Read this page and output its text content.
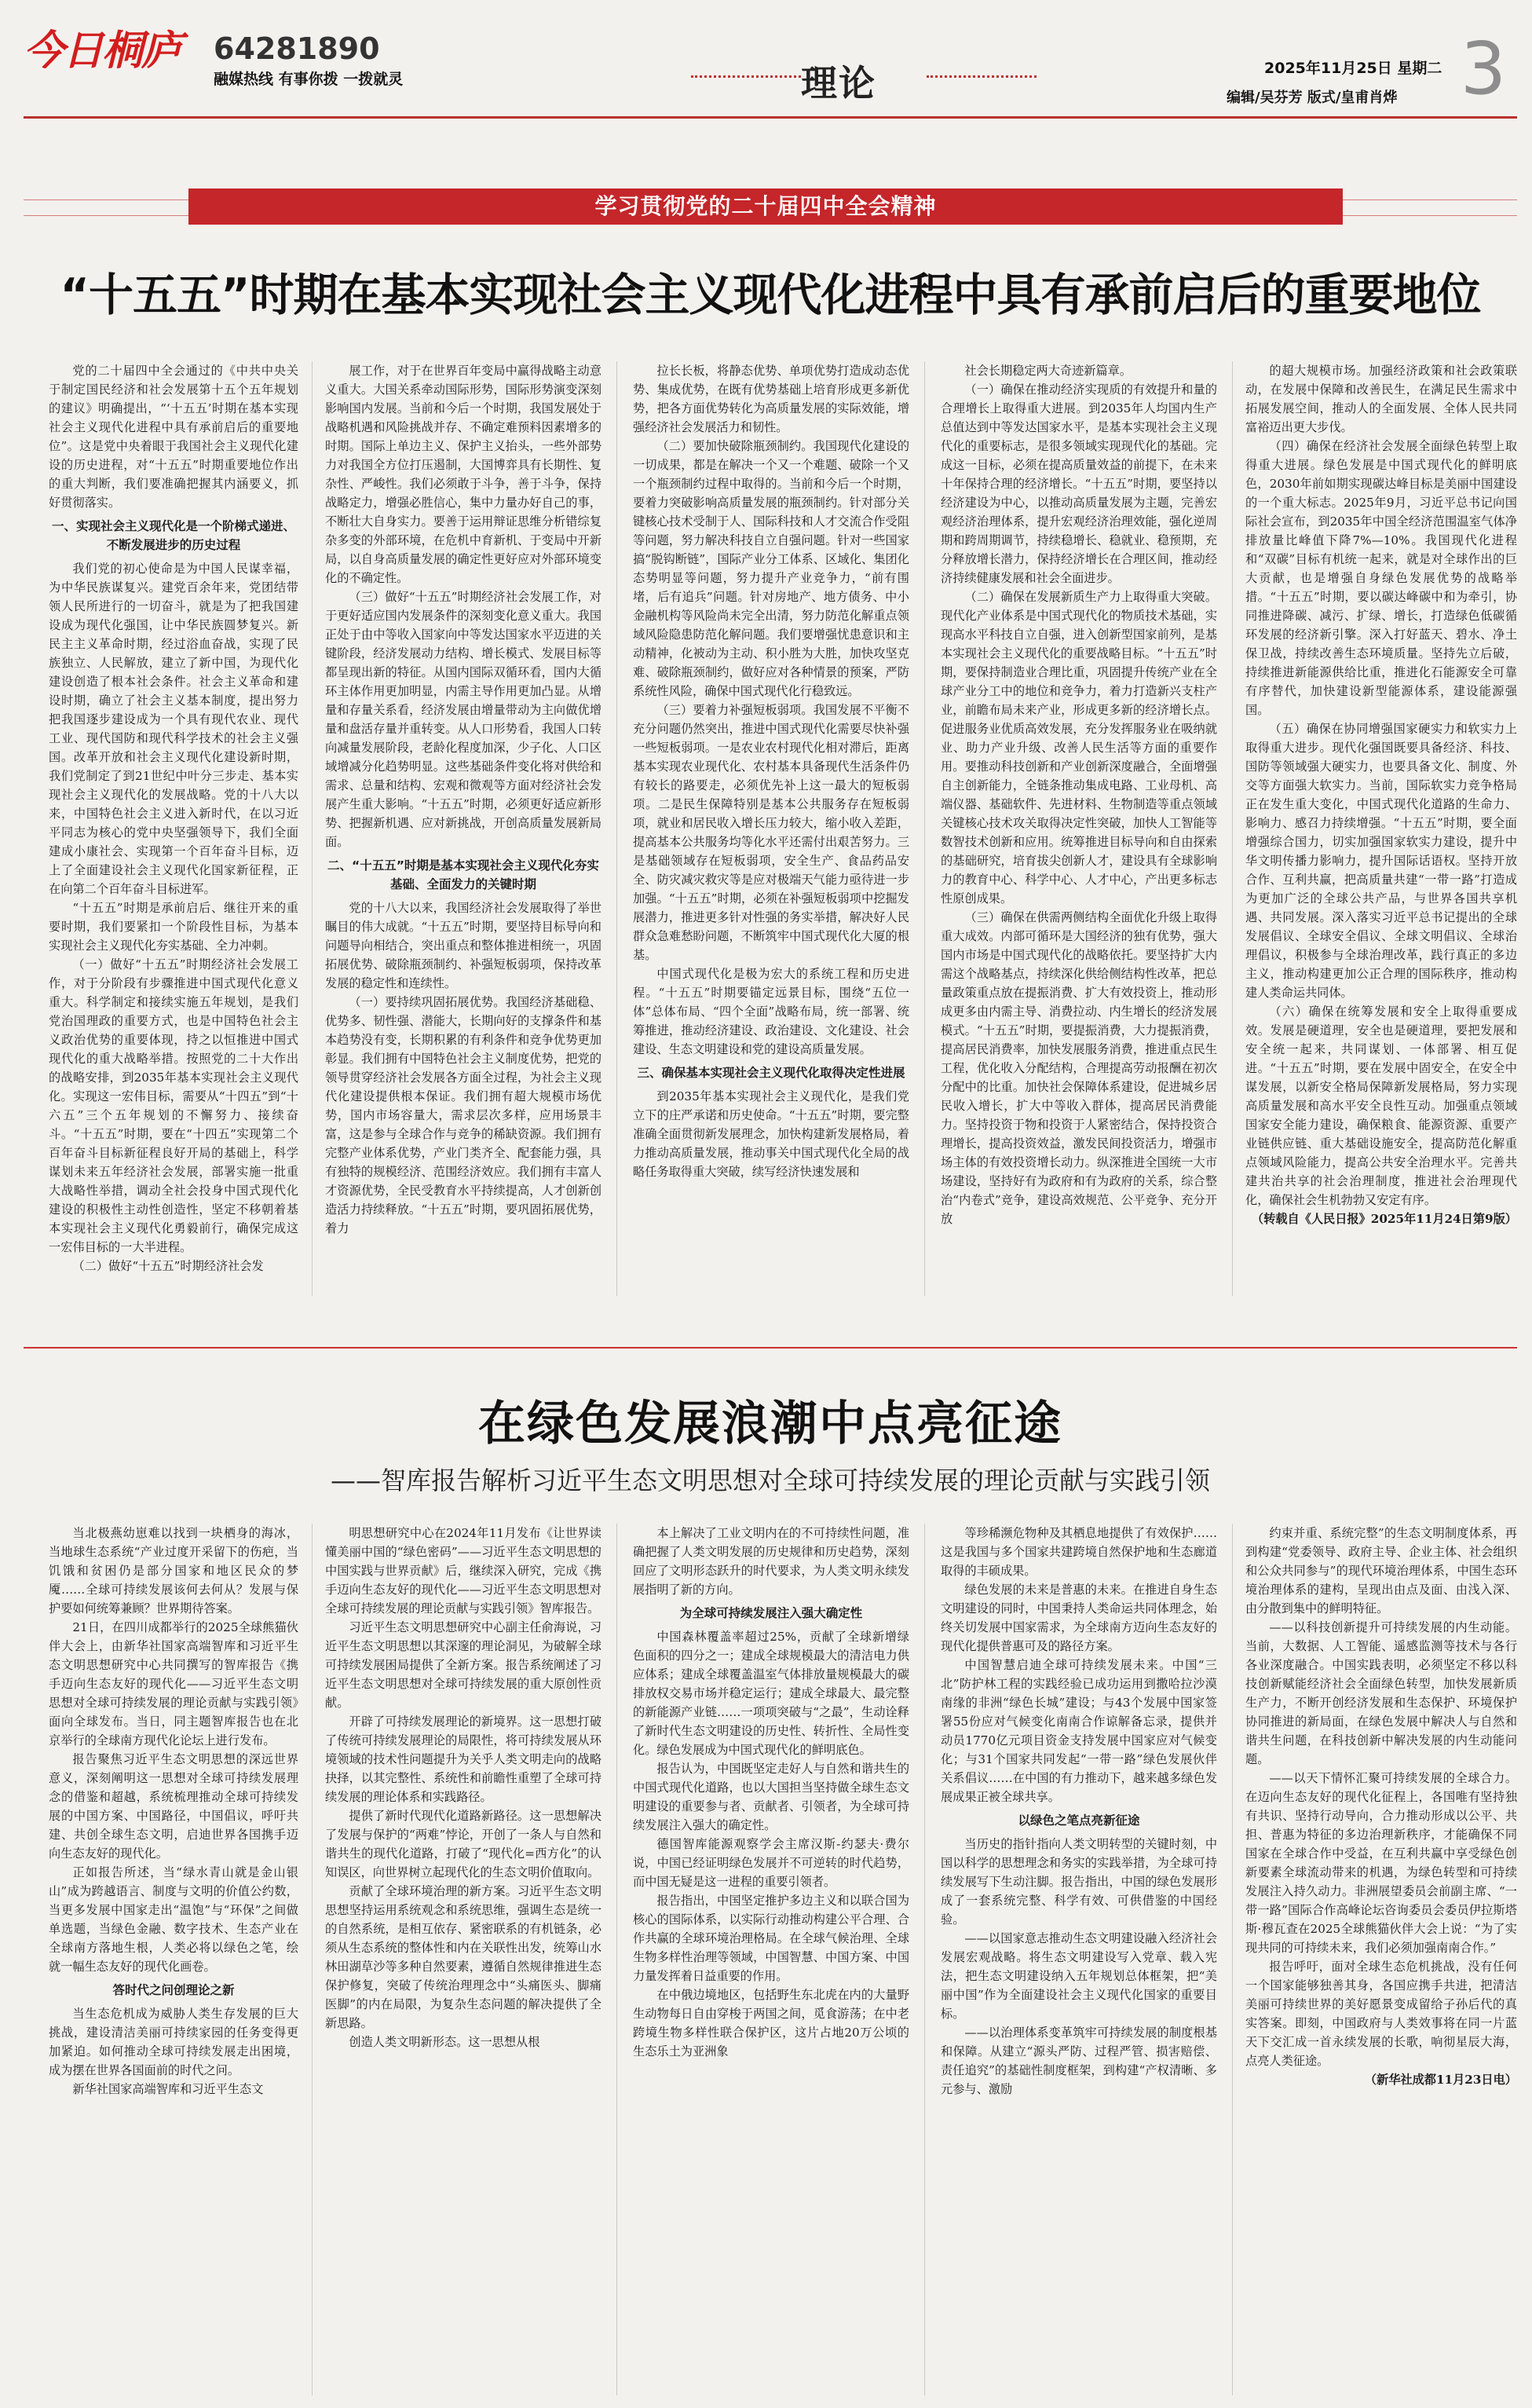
今日桐庐	64281890
融媒热线 有事你拨 一拨就灵	理论	2025年11月25日 星期二
编辑/吴芬芳 版式/皇甫肖烨 3
学习贯彻党的二十届四中全会精神
“十五五”时期在基本实现社会主义现代化进程中具有承前启后的重要地位

党的二十届四中全会通过的《中共中央关于制定国民经济和社会发展第十五个五年规划的建议》明确提出，“‘十五五’时期在基本实现社会主义现代化进程中具有承前启后的重要地位”。这是党中央着眼于我国社会主义现代化建设的历史进程，对“十五五”时期重要地位作出的重大判断，我们要准确把握其内涵要义，抓好贯彻落实。

一、实现社会主义现代化是一个阶梯式递进、不断发展进步的历史过程

我们党的初心使命是为中国人民谋幸福，为中华民族谋复兴。建党百余年来，党团结带领人民所进行的一切奋斗，就是为了把我国建设成为现代化强国，让中华民族圆梦复兴。新民主主义革命时期，经过浴血奋战，实现了民族独立、人民解放，建立了新中国，为现代化建设创造了根本社会条件。社会主义革命和建设时期，确立了社会主义基本制度，提出努力把我国逐步建设成为一个具有现代农业、现代工业、现代国防和现代科学技术的社会主义强国。改革开放和社会主义现代化建设新时期，我们党制定了到21世纪中叶分三步走、基本实现社会主义现代化的发展战略。党的十八大以来，中国特色社会主义进入新时代，在以习近平同志为核心的党中央坚强领导下，我们全面建成小康社会、实现第一个百年奋斗目标，迈上了全面建设社会主义现代化国家新征程，正在向第二个百年奋斗目标进军。

“十五五”时期是承前启后、继往开来的重要时期，我们要紧扣一个阶段性目标，为基本实现社会主义现代化夯实基础、全力冲刺。

（一）做好“十五五”时期经济社会发展工作，对于分阶段有步骤推进中国式现代化意义重大。科学制定和接续实施五年规划，是我们党治国理政的重要方式，也是中国特色社会主义政治优势的重要体现，持之以恒推进中国式现代化的重大战略举措。按照党的二十大作出的战略安排，到2035年基本实现社会主义现代化。实现这一宏伟目标，需要从“十四五”到“十六五”三个五年规划的不懈努力、接续奋斗。“十五五”时期，要在“十四五”实现第二个百年奋斗目标新征程良好开局的基础上，科学谋划未来五年经济社会发展，部署实施一批重大战略性举措，调动全社会投身中国式现代化建设的积极性主动性创造性，坚定不移朝着基本实现社会主义现代化勇毅前行，确保完成这一宏伟目标的一大半进程。

（二）做好“十五五”时期经济社会发

展工作，对于在世界百年变局中赢得战略主动意义重大。大国关系牵动国际形势，国际形势演变深刻影响国内发展。当前和今后一个时期，我国发展处于战略机遇和风险挑战并存、不确定难预料因素增多的时期。国际上单边主义、保护主义抬头，一些外部势力对我国全方位打压遏制，大国博弈具有长期性、复杂性、严峻性。我们必须敢于斗争，善于斗争，保持战略定力，增强必胜信心，集中力量办好自己的事，不断壮大自身实力。要善于运用辩证思维分析错综复杂多变的外部环境，在危机中育新机、于变局中开新局，以自身高质量发展的确定性更好应对外部环境变化的不确定性。

（三）做好“十五五”时期经济社会发展工作，对于更好适应国内发展条件的深刻变化意义重大。我国正处于由中等收入国家向中等发达国家水平迈进的关键阶段，经济发展动力结构、增长模式、发展目标等都呈现出新的特征。从国内国际双循环看，国内大循环主体作用更加明显，内需主导作用更加凸显。从增量和存量关系看，经济发展由增量带动为主向做优增量和盘活存量并重转变。从人口形势看，我国人口转向减量发展阶段，老龄化程度加深，少子化、人口区域增减分化趋势明显。这些基础条件变化将对供给和需求、总量和结构、宏观和微观等方面对经济社会发展产生重大影响。“十五五”时期，必须更好适应新形势、把握新机遇、应对新挑战，开创高质量发展新局面。

二、“十五五”时期是基本实现社会主义现代化夯实基础、全面发力的关键时期

党的十八大以来，我国经济社会发展取得了举世瞩目的伟大成就。“十五五”时期，要坚持目标导向和问题导向相结合，突出重点和整体推进相统一，巩固拓展优势、破除瓶颈制约、补强短板弱项，保持改革发展的稳定性和连续性。

（一）要持续巩固拓展优势。我国经济基础稳、优势多、韧性强、潜能大，长期向好的支撑条件和基本趋势没有变，长期积累的有利条件和竞争优势更加彰显。我们拥有中国特色社会主义制度优势，把党的领导贯穿经济社会发展各方面全过程，为社会主义现代化建设提供根本保证。我们拥有超大规模市场优势，国内市场容量大，需求层次多样，应用场景丰富，这是参与全球合作与竞争的稀缺资源。我们拥有完整产业体系优势，产业门类齐全、配套能力强，具有独特的规模经济、范围经济效应。我们拥有丰富人才资源优势，全民受教育水平持续提高，人才创新创造活力持续释放。“十五五”时期，要巩固拓展优势，着力

拉长长板，将静态优势、单项优势打造成动态优势、集成优势，在既有优势基础上培育形成更多新优势，把各方面优势转化为高质量发展的实际效能，增强经济社会发展活力和韧性。

（二）要加快破除瓶颈制约。我国现代化建设的一切成果，都是在解决一个又一个难题、破除一个又一个瓶颈制约过程中取得的。当前和今后一个时期，要着力突破影响高质量发展的瓶颈制约。针对部分关键核心技术受制于人、国际科技和人才交流合作受阻等问题，努力解决科技自立自强问题。针对一些国家搞“脱钩断链”，国际产业分工体系、区域化、集团化态势明显等问题，努力提升产业竞争力，“前有围堵，后有追兵”问题。针对房地产、地方债务、中小金融机构等风险尚未完全出清，努力防范化解重点领域风险隐患防范化解问题。我们要增强忧患意识和主动精神，化被动为主动、积小胜为大胜，加快攻坚克难、破除瓶颈制约，做好应对各种情景的预案，严防系统性风险，确保中国式现代化行稳致远。

（三）要着力补强短板弱项。我国发展不平衡不充分问题仍然突出，推进中国式现代化需要尽快补强一些短板弱项。一是农业农村现代化相对滞后，距离基本实现农业现代化、农村基本具备现代生活条件仍有较长的路要走，必须优先补上这一最大的短板弱项。二是民生保障特别是基本公共服务存在短板弱项，就业和居民收入增长压力较大，缩小收入差距，提高基本公共服务均等化水平还需付出艰苦努力。三是基础领域存在短板弱项，安全生产、食品药品安全、防灾减灾救灾等是应对极端天气能力亟待进一步加强。“十五五”时期，必须在补强短板弱项中挖掘发展潜力，推进更多针对性强的务实举措，解决好人民群众急难愁盼问题，不断筑牢中国式现代化大厦的根基。

中国式现代化是极为宏大的系统工程和历史进程。“十五五”时期要锚定远景目标，围绕“五位一体”总体布局、“四个全面”战略布局，统一部署、统筹推进，推动经济建设、政治建设、文化建设、社会建设、生态文明建设和党的建设高质量发展。

三、确保基本实现社会主义现代化取得决定性进展

到2035年基本实现社会主义现代化，是我们党立下的庄严承诺和历史使命。“十五五”时期，要完整准确全面贯彻新发展理念，加快构建新发展格局，着力推动高质量发展，推动事关中国式现代化全局的战略任务取得重大突破，续写经济快速发展和

社会长期稳定两大奇迹新篇章。

（一）确保在推动经济实现质的有效提升和量的合理增长上取得重大进展。到2035年人均国内生产总值达到中等发达国家水平，是基本实现社会主义现代化的重要标志，是很多领域实现现代化的基础。完成这一目标，必须在提高质量效益的前提下，在未来十年保持合理的经济增长。“十五五”时期，要坚持以经济建设为中心，以推动高质量发展为主题，完善宏观经济治理体系，提升宏观经济治理效能，强化逆周期和跨周期调节，持续稳增长、稳就业、稳预期，充分释放增长潜力，保持经济增长在合理区间，推动经济持续健康发展和社会全面进步。

（二）确保在发展新质生产力上取得重大突破。现代化产业体系是中国式现代化的物质技术基础，实现高水平科技自立自强，进入创新型国家前列，是基本实现社会主义现代化的重要战略目标。“十五五”时期，要保持制造业合理比重，巩固提升传统产业在全球产业分工中的地位和竞争力，着力打造新兴支柱产业，前瞻布局未来产业，形成更多新的经济增长点。促进服务业优质高效发展，充分发挥服务业在吸纳就业、助力产业升级、改善人民生活等方面的重要作用。要推动科技创新和产业创新深度融合，全面增强自主创新能力，全链条推动集成电路、工业母机、高端仪器、基础软件、先进材料、生物制造等重点领域关键核心技术攻关取得决定性突破，加快人工智能等数智技术创新和应用。统筹推进目标导向和自由探索的基础研究，培育拔尖创新人才，建设具有全球影响力的教育中心、科学中心、人才中心，产出更多标志性原创成果。

（三）确保在供需两侧结构全面优化升级上取得重大成效。内部可循环是大国经济的独有优势，强大国内市场是中国式现代化的战略依托。要坚持扩大内需这个战略基点，持续深化供给侧结构性改革，把总量政策重点放在提振消费、扩大有效投资上，推动形成更多由内需主导、消费拉动、内生增长的经济发展模式。“十五五”时期，要提振消费，大力提振消费，提高居民消费率，加快发展服务消费，推进重点民生工程，优化收入分配结构，合理提高劳动报酬在初次分配中的比重。加快社会保障体系建设，促进城乡居民收入增长，扩大中等收入群体，提高居民消费能力。坚持投资于物和投资于人紧密结合，保持投资合理增长，提高投资效益，激发民间投资活力，增强市场主体的有效投资增长动力。纵深推进全国统一大市场建设，坚持好有为政府和有为政府的关系，综合整治“内卷式”竞争，建设高效规范、公平竞争、充分开放

的超大规模市场。加强经济政策和社会政策联动，在发展中保障和改善民生，在满足民生需求中拓展发展空间，推动人的全面发展、全体人民共同富裕迈出更大步伐。

（四）确保在经济社会发展全面绿色转型上取得重大进展。绿色发展是中国式现代化的鲜明底色，2030年前如期实现碳达峰目标是美丽中国建设的一个重大标志。2025年9月，习近平总书记向国际社会宣布，到2035年中国全经济范围温室气体净排放量比峰值下降7%—10%。我国现代化进程和“双碳”目标有机统一起来，就是对全球作出的巨大贡献，也是增强自身绿色发展优势的战略举措。“十五五”时期，要以碳达峰碳中和为牵引，协同推进降碳、减污、扩绿、增长，打造绿色低碳循环发展的经济新引擎。深入打好蓝天、碧水、净土保卫战，持续改善生态环境质量。坚持先立后破，持续推进新能源供给比重，推进化石能源安全可靠有序替代，加快建设新型能源体系，建设能源强国。

（五）确保在协同增强国家硬实力和软实力上取得重大进步。现代化强国既要具备经济、科技、国防等领域强大硬实力，也要具备文化、制度、外交等方面强大软实力。当前，国际软实力竞争格局正在发生重大变化，中国式现代化道路的生命力、影响力、感召力持续增强。“十五五”时期，要全面增强综合国力，切实加强国家软实力建设，提升中华文明传播力影响力，提升国际话语权。坚持开放合作、互利共赢，把高质量共建“一带一路”打造成为更加广泛的全球公共产品，与世界各国共享机遇、共同发展。深入落实习近平总书记提出的全球发展倡议、全球安全倡议、全球文明倡议、全球治理倡议，积极参与全球治理改革，践行真正的多边主义，推动构建更加公正合理的国际秩序，推动构建人类命运共同体。

（六）确保在统筹发展和安全上取得重要成效。发展是硬道理，安全也是硬道理，要把发展和安全统一起来，共同谋划、一体部署、相互促进。“十五五”时期，要在发展中固安全，在安全中谋发展，以新安全格局保障新发展格局，努力实现高质量发展和高水平安全良性互动。加强重点领域国家安全能力建设，确保粮食、能源资源、重要产业链供应链、重大基础设施安全，提高防范化解重点领域风险能力，提高公共安全治理水平。完善共建共治共享的社会治理制度，推进社会治理现代化，确保社会生机勃勃又安定有序。

（转载自《人民日报》2025年11月24日第9版）

在绿色发展浪潮中点亮征途
——智库报告解析习近平生态文明思想对全球可持续发展的理论贡献与实践引领

当北极燕幼崽难以找到一块栖身的海冰，当地球生态系统“产业过度开采留下的伤疤，当饥饿和贫困仍是部分国家和地区民众的梦魇……全球可持续发展该何去何从？发展与保护要如何统筹兼顾？世界期待答案。

21日，在四川成都举行的2025全球熊猫伙伴大会上，由新华社国家高端智库和习近平生态文明思想研究中心共同撰写的智库报告《携手迈向生态友好的现代化——习近平生态文明思想对全球可持续发展的理论贡献与实践引领》面向全球发布。当日，同主题智库报告也在北京举行的全球南方现代化论坛上进行发布。

报告聚焦习近平生态文明思想的深远世界意义，深刻阐明这一思想对全球可持续发展理念的借鉴和超越，系统梳理推动全球可持续发展的中国方案、中国路径，中国倡议，呼吁共建、共创全球生态文明，启迪世界各国携手迈向生态友好的现代化。

正如报告所述，当“绿水青山就是金山银山”成为跨越语言、制度与文明的价值公约数，当更多发展中国家走出“温饱”与“环保”之间做单选题，当绿色金融、数字技术、生态产业在全球南方落地生根，人类必将以绿色之笔，绘就一幅生态友好的现代化画卷。

答时代之问创理论之新

当生态危机成为威胁人类生存发展的巨大挑战，建设清洁美丽可持续家园的任务变得更加紧迫。如何推动全球可持续发展走出困境，成为摆在世界各国面前的时代之问。

新华社国家高端智库和习近平生态文

明思想研究中心在2024年11月发布《让世界读懂美丽中国的“绿色密码”——习近平生态文明思想的中国实践与世界贡献》后，继续深入研究，完成《携手迈向生态友好的现代化——习近平生态文明思想对全球可持续发展的理论贡献与实践引领》智库报告。

习近平生态文明思想研究中心副主任俞海说，习近平生态文明思想以其深邃的理论洞见，为破解全球可持续发展困局提供了全新方案。报告系统阐述了习近平生态文明思想对全球可持续发展的重大原创性贡献。

开辟了可持续发展理论的新境界。这一思想打破了传统可持续发展理论的局限性，将可持续发展从环境领域的技术性问题提升为关乎人类文明走向的战略抉择，以其完整性、系统性和前瞻性重塑了全球可持续发展的理论体系和实践路径。

提供了新时代现代化道路新路径。这一思想解决了发展与保护的“两难”悖论，开创了一条人与自然和谐共生的现代化道路，打破了“现代化=西方化”的认知误区，向世界树立起现代化的生态文明价值取向。

贡献了全球环境治理的新方案。习近平生态文明思想坚持运用系统观念和系统思维，强调生态是统一的自然系统，是相互依存、紧密联系的有机链条，必须从生态系统的整体性和内在关联性出发，统筹山水林田湖草沙等多种自然要素，遵循自然规律推进生态保护修复，突破了传统治理理念中“头痛医头、脚痛医脚”的内在局限，为复杂生态问题的解决提供了全新思路。

创造人类文明新形态。这一思想从根

本上解决了工业文明内在的不可持续性问题，准确把握了人类文明发展的历史规律和历史趋势，深刻回应了文明形态跃升的时代要求，为人类文明永续发展指明了新的方向。

为全球可持续发展注入强大确定性

中国森林覆盖率超过25%，贡献了全球新增绿色面积的四分之一；建成全球规模最大的清洁电力供应体系；建成全球覆盖温室气体排放量规模最大的碳排放权交易市场并稳定运行；建成全球最大、最完整的新能源产业链……一项项突破与“之最”，生动诠释了新时代生态文明建设的历史性、转折性、全局性变化。绿色发展成为中国式现代化的鲜明底色。

报告认为，中国既坚定走好人与自然和谐共生的中国式现代化道路，也以大国担当坚持做全球生态文明建设的重要参与者、贡献者、引领者，为全球可持续发展注入强大的确定性。

德国智库能源观察学会主席汉斯-约瑟夫·费尔说，中国已经证明绿色发展并不可逆转的时代趋势，而中国无疑是这一进程的重要引领者。

报告指出，中国坚定推护多边主义和以联合国为核心的国际体系，以实际行动推动构建公平合理、合作共赢的全球环境治理格局。在全球气候治理、全球生物多样性治理等领域，中国智慧、中国方案、中国力量发挥着日益重要的作用。

在中俄边境地区，包括野生东北虎在内的大量野生动物每日自由穿梭于两国之间，觅食游荡；在中老跨境生物多样性联合保护区，这片占地20万公顷的生态乐土为亚洲象

等珍稀濒危物种及其栖息地提供了有效保护……这是我国与多个国家共建跨境自然保护地和生态廊道取得的丰硕成果。

绿色发展的未来是普惠的未来。在推进自身生态文明建设的同时，中国秉持人类命运共同体理念，始终关切发展中国家需求，为全球南方迈向生态友好的现代化提供普惠可及的路径方案。

中国智慧启迪全球可持续发展未来。中国“三北”防护林工程的实践经验已成功运用到撒哈拉沙漠南缘的非洲“绿色长城”建设；与43个发展中国家签署55份应对气候变化南南合作谅解备忘录，提供并动员1770亿元项目资金支持发展中国家应对气候变化；与31个国家共同发起“一带一路”绿色发展伙伴关系倡议……在中国的有力推动下，越来越多绿色发展成果正被全球共享。

以绿色之笔点亮新征途

当历史的指针指向人类文明转型的关键时刻，中国以科学的思想理念和务实的实践举措，为全球可持续发展写下生动注脚。报告指出，中国的绿色发展形成了一套系统完整、科学有效、可供借鉴的中国经验。

——以国家意志推动生态文明建设融入经济社会发展宏观战略。将生态文明建设写入党章、载入宪法，把生态文明建设纳入五年规划总体框架，把“美丽中国”作为全面建设社会主义现代化国家的重要目标。

——以治理体系变革筑牢可持续发展的制度根基和保障。从建立“源头严防、过程严管、损害赔偿、责任追究”的基础性制度框架，到构建“产权清晰、多元参与、激励

约束并重、系统完整”的生态文明制度体系，再到构建“党委领导、政府主导、企业主体、社会组织和公众共同参与”的现代环境治理体系，中国生态环境治理体系的建构，呈现出由点及面、由浅入深、由分散到集中的鲜明特征。

——以科技创新提升可持续发展的内生动能。当前，大数据、人工智能、遥感监测等技术与各行各业深度融合。中国实践表明，必须坚定不移以科技创新赋能经济社会全面绿色转型，加快发展新质生产力，不断开创经济发展和生态保护、环境保护协同推进的新局面，在绿色发展中解决人与自然和谐共生问题，在科技创新中解决发展的内生动能问题。

——以天下情怀汇聚可持续发展的全球合力。在迈向生态友好的现代化征程上，各国唯有坚持独有共识、坚持行动导向，合力推动形成以公平、共担、普惠为特征的多边治理新秩序，才能确保不同国家在全球合作中受益，在互利共赢中享受绿色创新要素全球流动带来的机遇，为绿色转型和可持续发展注入持久动力。非洲展望委员会前副主席、“一带一路”国际合作高峰论坛咨询委员会委员伊拉斯塔斯·穆瓦查在2025全球熊猫伙伴大会上说：“为了实现共同的可持续未来，我们必须加强南南合作。”

报告呼吁，面对全球生态危机挑战，没有任何一个国家能够独善其身，各国应携手共进，把清洁美丽可持续世界的美好愿景变成留给子孙后代的真实答案。即刻，中国政府与人类效事将在同一片蓝天下交汇成一首永续发展的长歌，响彻星辰大海，点亮人类征途。

（新华社成都11月23日电）
